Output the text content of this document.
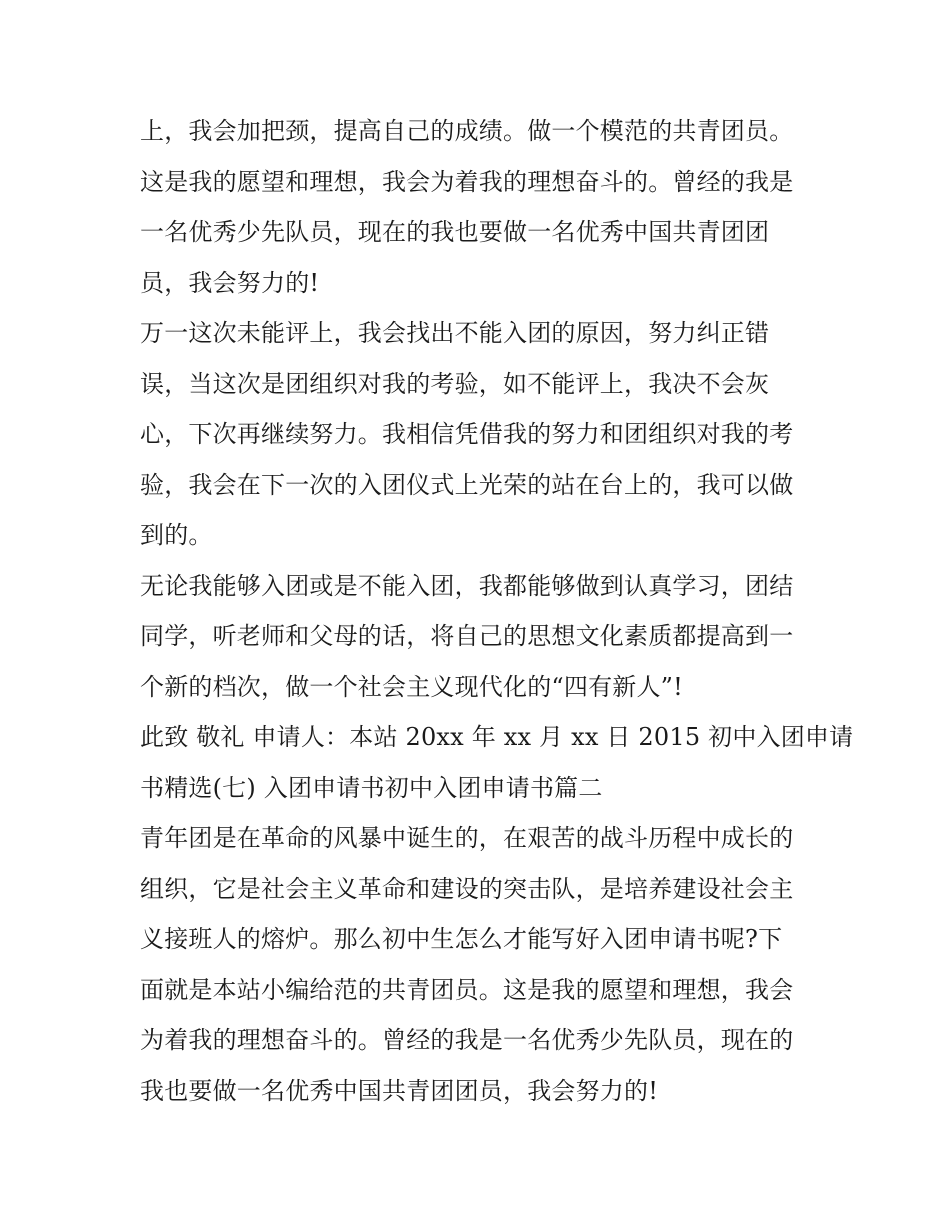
上，我会加把颈，提高自己的成绩。做一个模范的共青团员。
这是我的愿望和理想，我会为着我的理想奋斗的。曾经的我是
一名优秀少先队员，现在的我也要做一名优秀中国共青团团
员，我会努力的!
万一这次未能评上，我会找出不能入团的原因，努力纠正错
误，当这次是团组织对我的考验，如不能评上，我决不会灰
心，下次再继续努力。我相信凭借我的努力和团组织对我的考
验，我会在下一次的入团仪式上光荣的站在台上的，我可以做
到的。
无论我能够入团或是不能入团，我都能够做到认真学习，团结
同学，听老师和父母的话，将自己的思想文化素质都提高到一
个新的档次，做一个社会主义现代化的“四有新人”!
此致 敬礼 申请人：本站 20xx 年 xx 月 xx 日 2015 初中入团申请
书精选(七) 入团申请书初中入团申请书篇二
青年团是在革命的风暴中诞生的，在艰苦的战斗历程中成长的
组织，它是社会主义革命和建设的突击队，是培养建设社会主
义接班人的熔炉。那么初中生怎么才能写好入团申请书呢?下
面就是本站小编给范的共青团员。这是我的愿望和理想，我会
为着我的理想奋斗的。曾经的我是一名优秀少先队员，现在的
我也要做一名优秀中国共青团团员，我会努力的!
